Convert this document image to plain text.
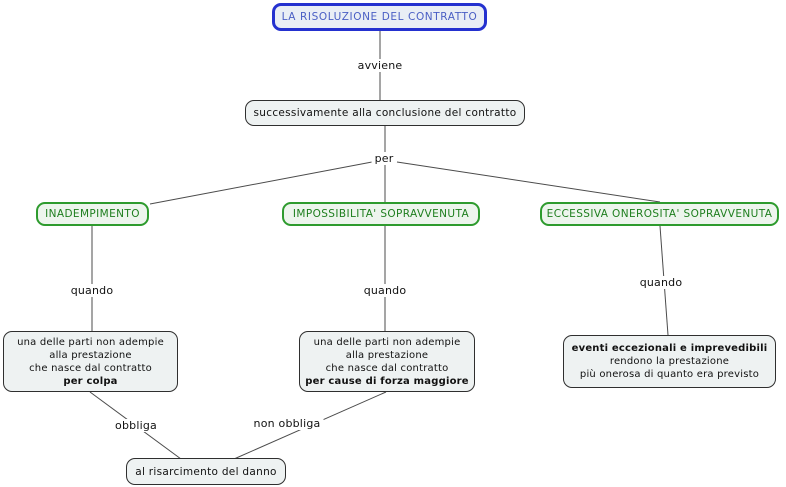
LA RISOLUZIONE DEL CONTRATTO
avviene
successivamente alla conclusione del contratto
per
INADEMPIMENTO	IMPOSSIBILITA' SOPRAVVENUTA	ECCESSIVA ONEROSITA' SOPRAVVENUTA
quando	quando
quando
una delle parti non adempie
alla prestazione
che nasce dal contratto
per colpa
una delle parti non adempie
alla prestazione
che nasce dal contratto
per cause di forza maggiore
eventi eccezionali e imprevedibili
rendono la prestazione
più onerosa di quanto era previsto
obbliga	non obbliga
al risarcimento del danno
